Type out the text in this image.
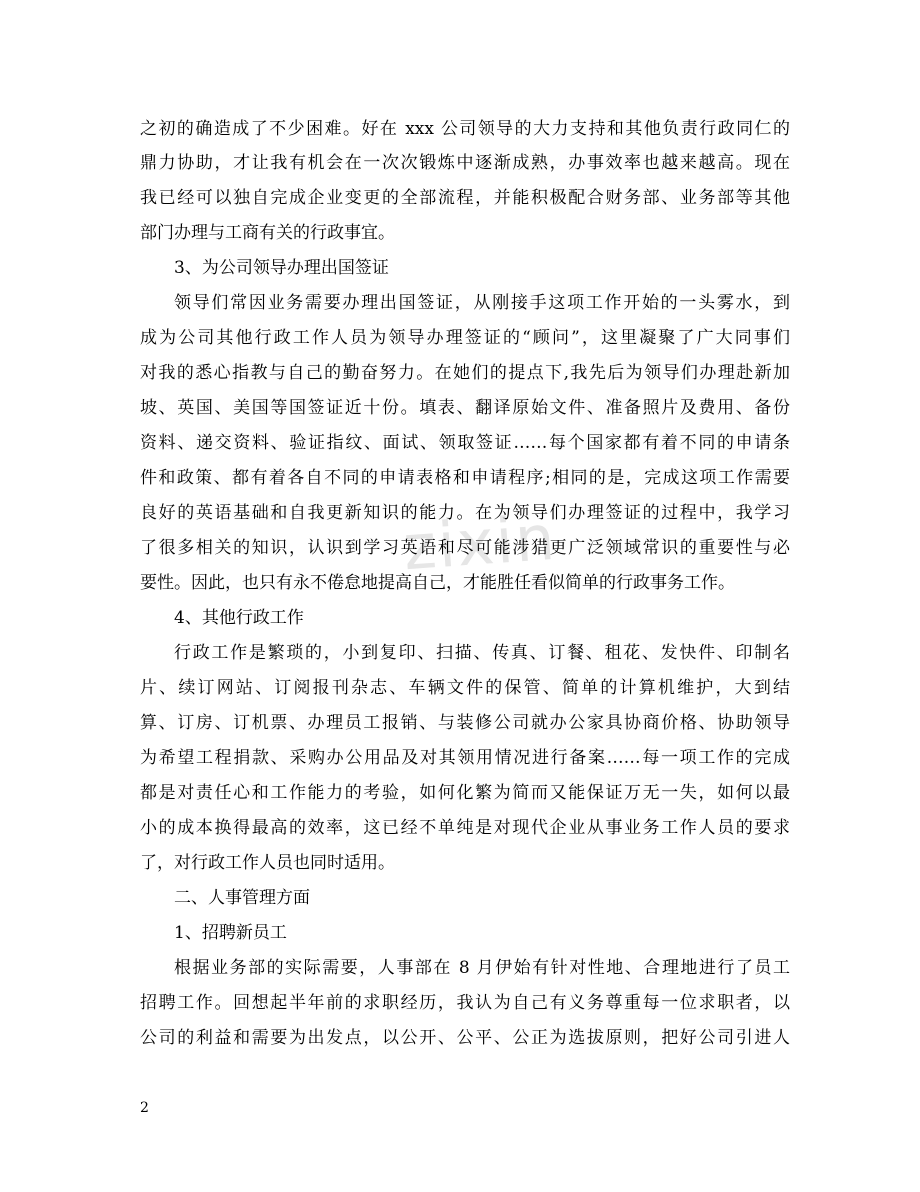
zixin
之初的确造成了不少困难。好在 xxx 公司领导的大力支持和其他负责行政同仁的
鼎力协助，才让我有机会在一次次锻炼中逐渐成熟，办事效率也越来越高。现在
我已经可以独自完成企业变更的全部流程，并能积极配合财务部、业务部等其他
部门办理与工商有关的行政事宜。
3、为公司领导办理出国签证
领导们常因业务需要办理出国签证，从刚接手这项工作开始的一头雾水，到
成为公司其他行政工作人员为领导办理签证的“顾问”，这里凝聚了广大同事们
对我的悉心指教与自己的勤奋努力。在她们的提点下,我先后为领导们办理赴新加
坡、英国、美国等国签证近十份。填表、翻译原始文件、准备照片及费用、备份
资料、递交资料、验证指纹、面试、领取签证……每个国家都有着不同的申请条
件和政策、都有着各自不同的申请表格和申请程序;相同的是，完成这项工作需要
良好的英语基础和自我更新知识的能力。在为领导们办理签证的过程中，我学习
了很多相关的知识，认识到学习英语和尽可能涉猎更广泛领域常识的重要性与必
要性。因此，也只有永不倦怠地提高自己，才能胜任看似简单的行政事务工作。
4、其他行政工作
行政工作是繁琐的，小到复印、扫描、传真、订餐、租花、发快件、印制名
片、续订网站、订阅报刊杂志、车辆文件的保管、简单的计算机维护，大到结
算、订房、订机票、办理员工报销、与装修公司就办公家具协商价格、协助领导
为希望工程捐款、采购办公用品及对其领用情况进行备案……每一项工作的完成
都是对责任心和工作能力的考验，如何化繁为简而又能保证万无一失，如何以最
小的成本换得最高的效率，这已经不单纯是对现代企业从事业务工作人员的要求
了，对行政工作人员也同时适用。
二、人事管理方面
1、招聘新员工
根据业务部的实际需要，人事部在 8 月伊始有针对性地、合理地进行了员工
招聘工作。回想起半年前的求职经历，我认为自己有义务尊重每一位求职者，以
公司的利益和需要为出发点，以公开、公平、公正为选拔原则，把好公司引进人
2
